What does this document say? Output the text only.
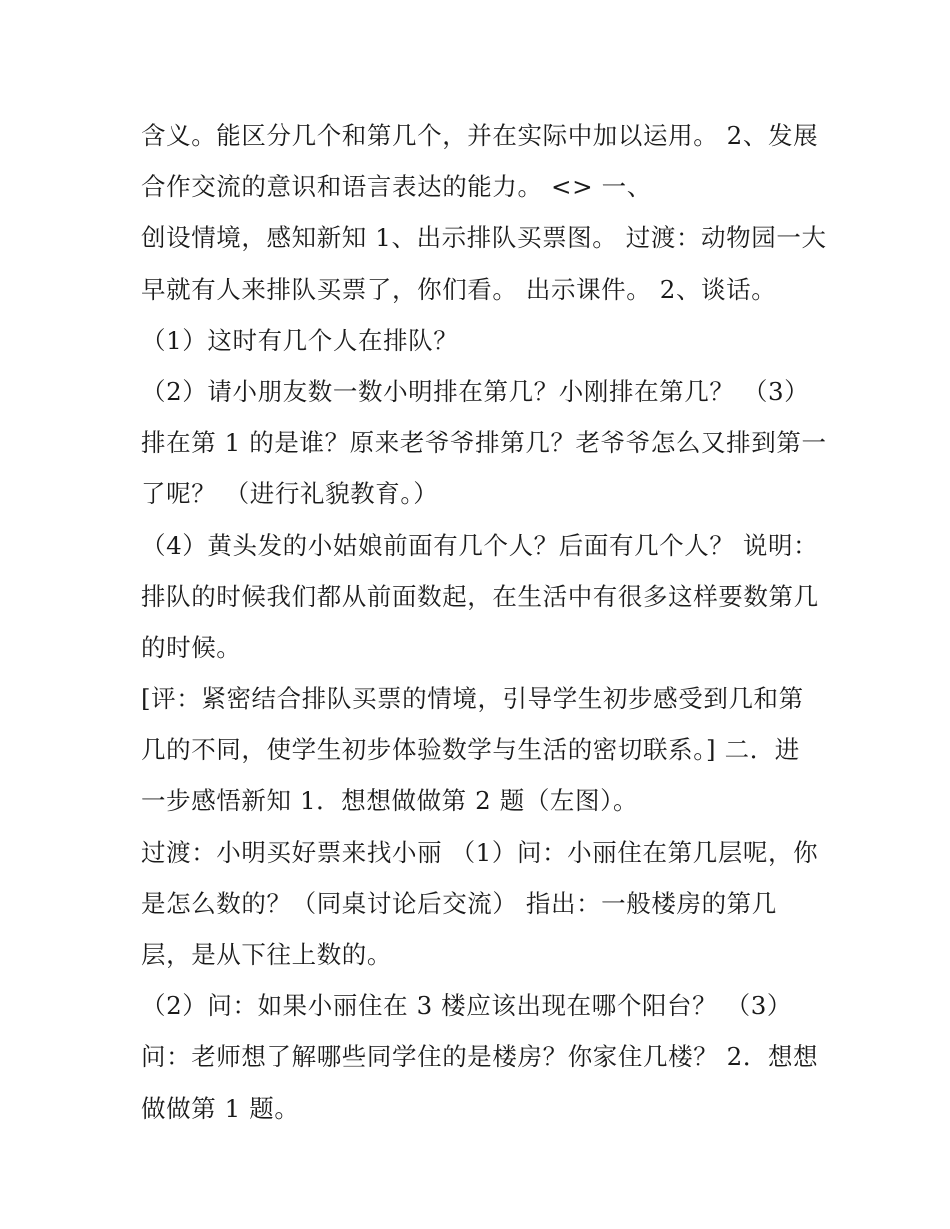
含义。能区分几个和第几个，并在实际中加以运用。 2、发展
合作交流的意识和语言表达的能力。 <> 一、
创设情境，感知新知 1、出示排队买票图。 过渡：动物园一大
早就有人来排队买票了，你们看。 出示课件。 2、谈话。
（1）这时有几个人在排队？
（2）请小朋友数一数小明排在第几？小刚排在第几？ （3）
排在第 1 的是谁？原来老爷爷排第几？老爷爷怎么又排到第一
了呢？ （进行礼貌教育。）
（4）黄头发的小姑娘前面有几个人？后面有几个人？ 说明：
排队的时候我们都从前面数起，在生活中有很多这样要数第几
的时候。
[评：紧密结合排队买票的情境，引导学生初步感受到几和第
几的不同，使学生初步体验数学与生活的密切联系。] 二．进
一步感悟新知 1．想想做做第 2 题（左图）。
过渡：小明买好票来找小丽 （1）问：小丽住在第几层呢，你
是怎么数的？（同桌讨论后交流） 指出：一般楼房的第几
层，是从下往上数的。
（2）问：如果小丽住在 3 楼应该出现在哪个阳台？ （3）
问：老师想了解哪些同学住的是楼房？你家住几楼？ 2．想想
做做第 1 题。
